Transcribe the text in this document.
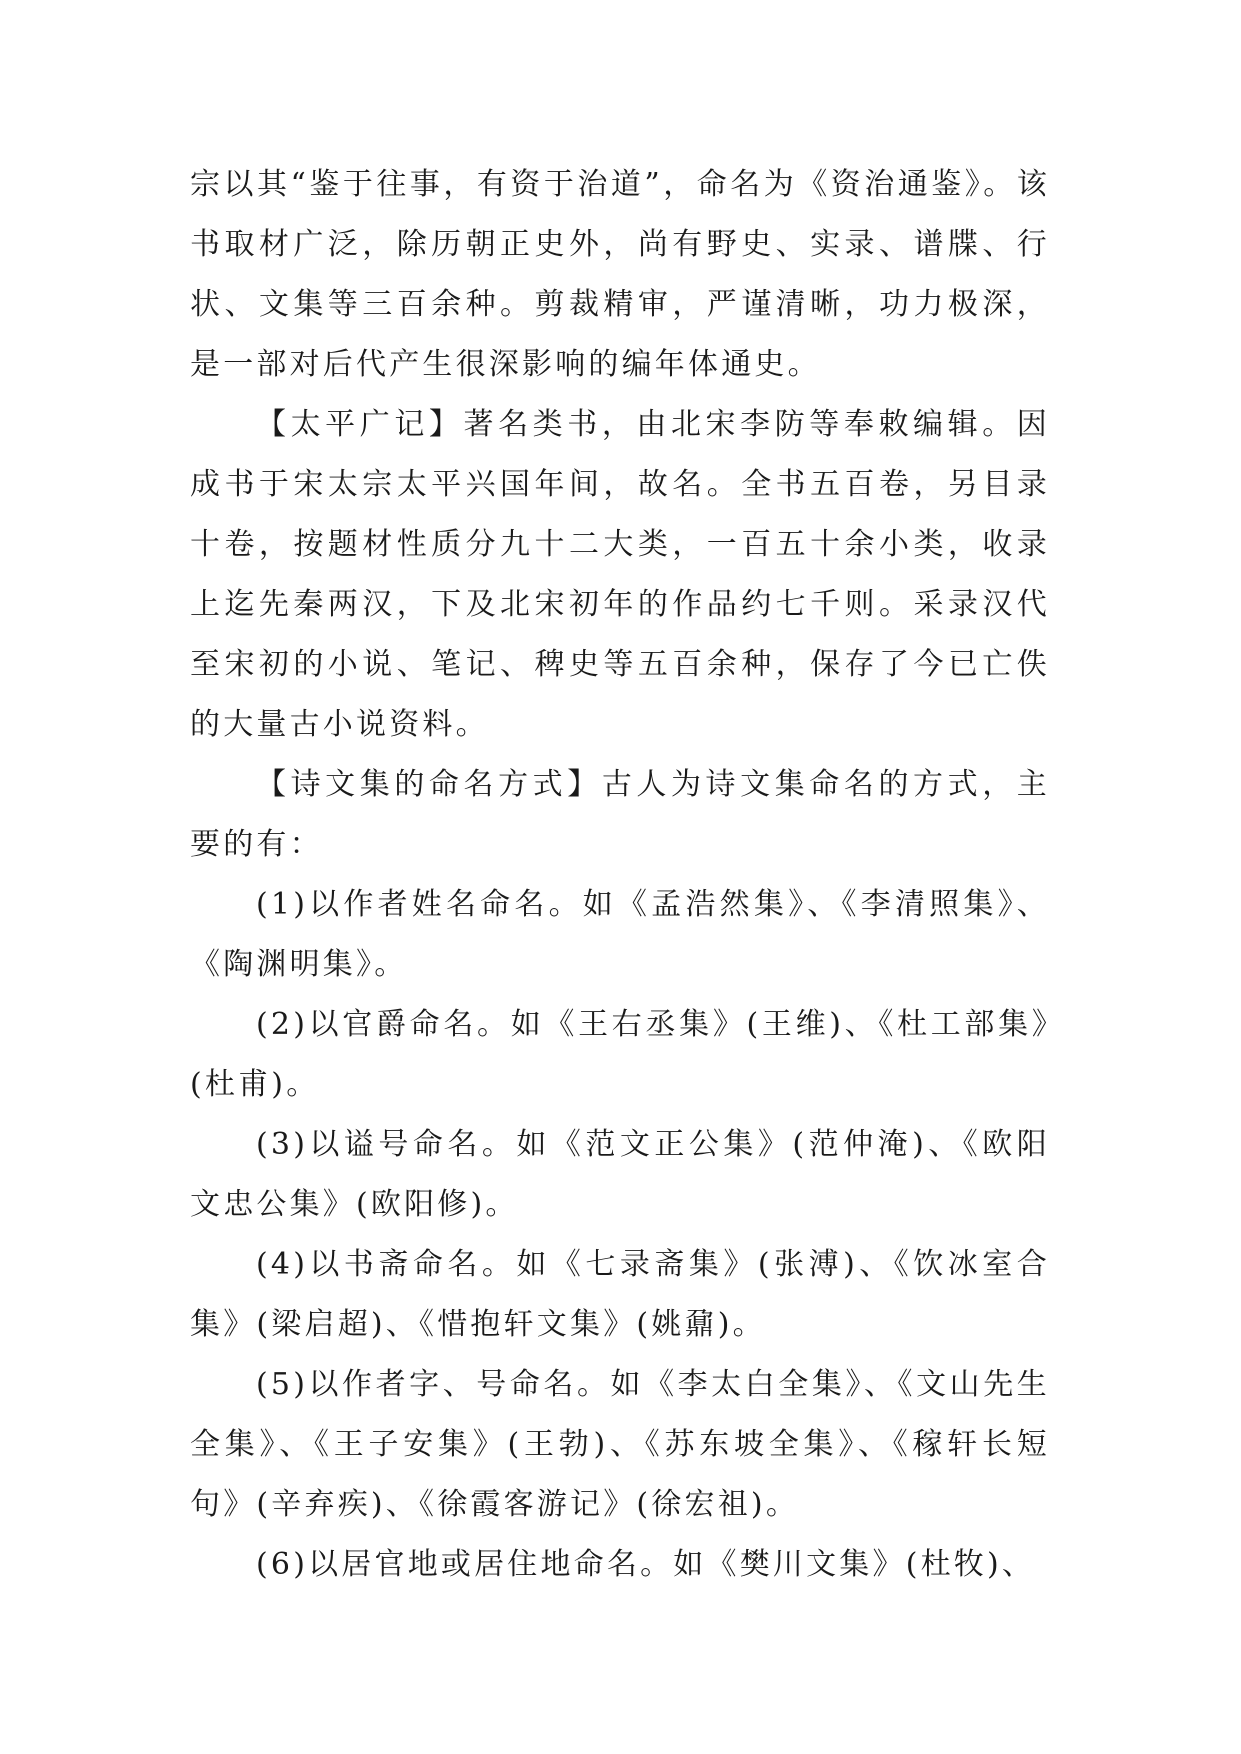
宗以其“鉴于往事，有资于治道”，命名为《资治通鉴》。该书取材广泛，除历朝正史外，尚有野史、实录、谱牒、行状、文集等三百余种。剪裁精审，严谨清晰，功力极深，是一部对后代产生很深影响的编年体通史。

【太平广记】著名类书，由北宋李防等奉敕编辑。因成书于宋太宗太平兴国年间，故名。全书五百卷，另目录十卷，按题材性质分九十二大类，一百五十余小类，收录上迄先秦两汉，下及北宋初年的作品约七千则。采录汉代至宋初的小说、笔记、稗史等五百余种，保存了今已亡佚的大量古小说资料。

【诗文集的命名方式】古人为诗文集命名的方式，主要的有：

(1)以作者姓名命名。如《孟浩然集》、《李清照集》、《陶渊明集》。

(2)以官爵命名。如《王右丞集》(王维)、《杜工部集》(杜甫)。

(3)以谥号命名。如《范文正公集》(范仲淹)、《欧阳文忠公集》(欧阳修)。

(4)以书斋命名。如《七录斋集》(张溥)、《饮冰室合集》(梁启超)、《惜抱轩文集》(姚鼐)。

(5)以作者字、号命名。如《李太白全集》、《文山先生全集》、《王子安集》(王勃)、《苏东坡全集》、《稼轩长短句》(辛弃疾)、《徐霞客游记》(徐宏祖)。

(6)以居官地或居住地命名。如《樊川文集》(杜牧)、
